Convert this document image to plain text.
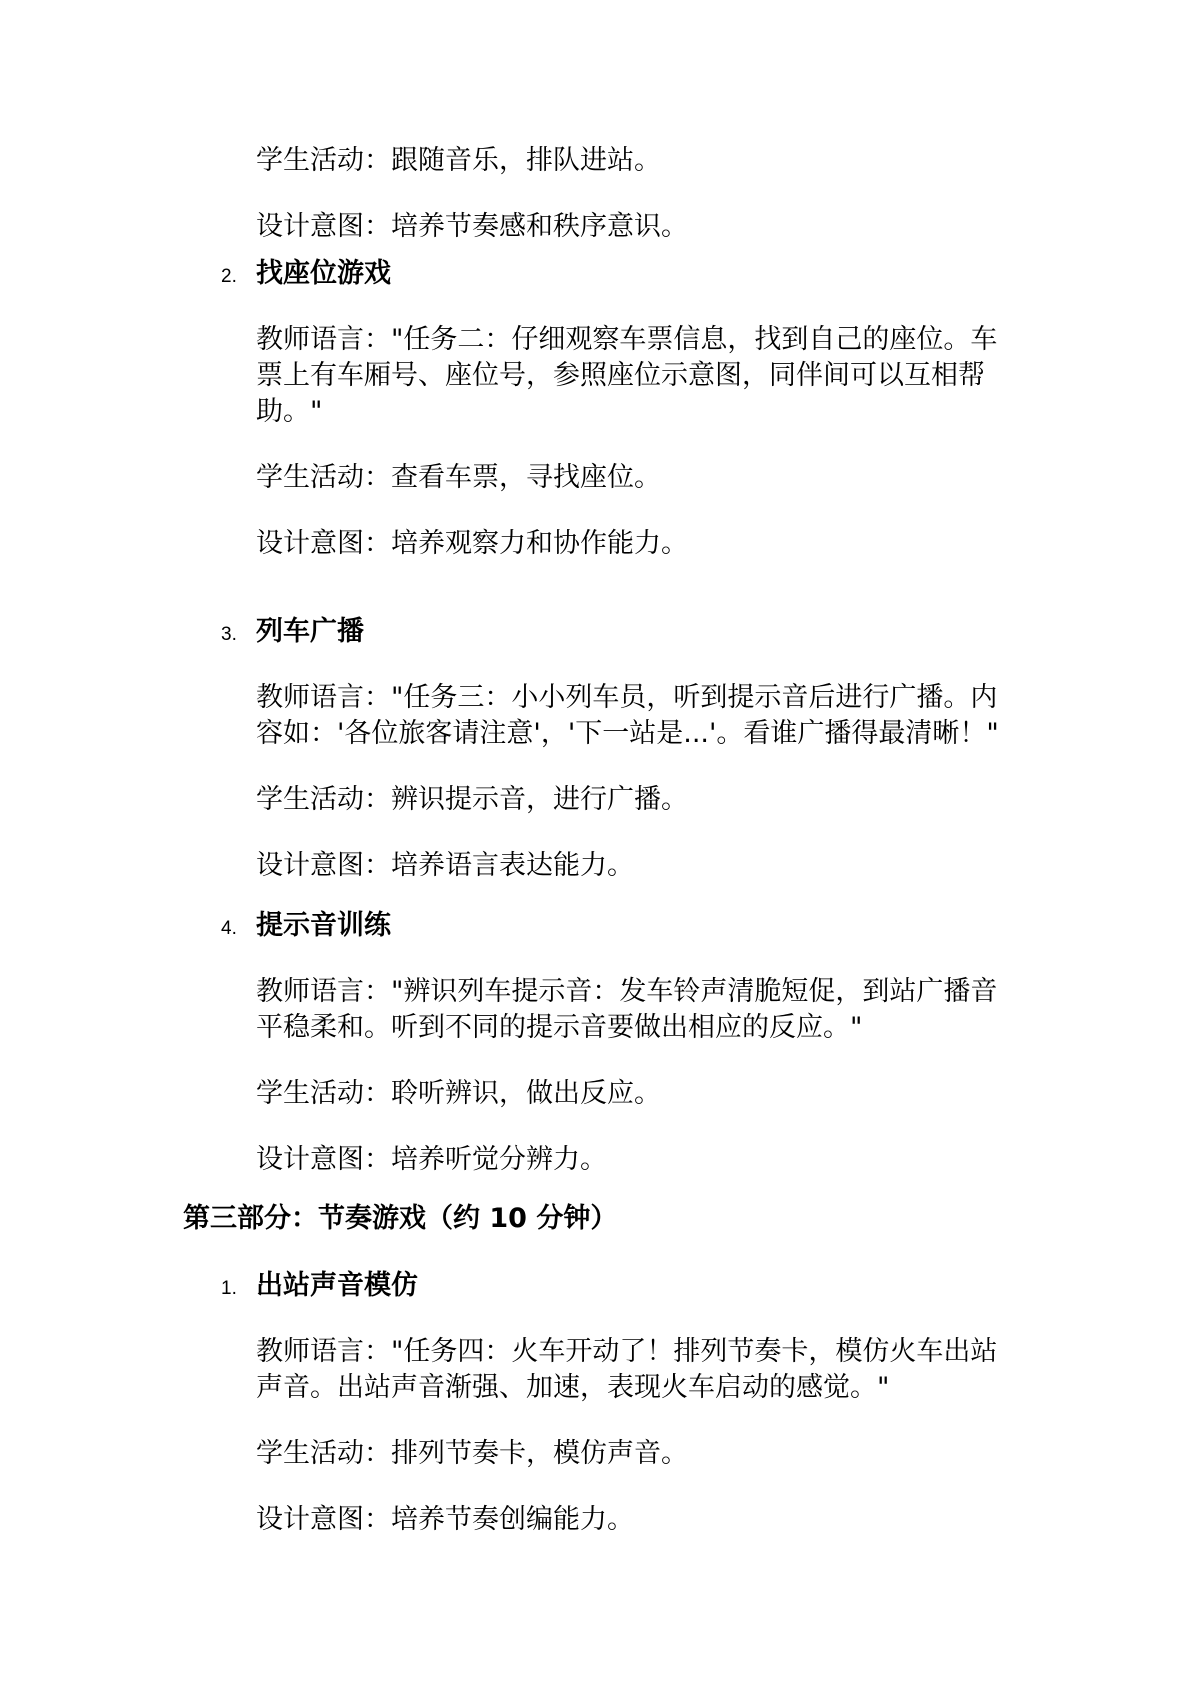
学生活动：跟随音乐，排队进站。

设计意图：培养节奏感和秩序意识。

2. 找座位游戏

教师语言："任务二：仔细观察车票信息，找到自己的座位。车

票上有车厢号、座位号，参照座位示意图，同伴间可以互相帮

助。"

学生活动：查看车票，寻找座位。

设计意图：培养观察力和协作能力。

3. 列车广播

教师语言："任务三：小小列车员，听到提示音后进行广播。内

容如：'各位旅客请注意'，'下一站是...'。看谁广播得最清晰！"

学生活动：辨识提示音，进行广播。

设计意图：培养语言表达能力。

4. 提示音训练

教师语言："辨识列车提示音：发车铃声清脆短促，到站广播音

平稳柔和。听到不同的提示音要做出相应的反应。"

学生活动：聆听辨识，做出反应。

设计意图：培养听觉分辨力。

第三部分：节奏游戏（约 10 分钟）

1. 出站声音模仿

教师语言："任务四：火车开动了！排列节奏卡，模仿火车出站

声音。出站声音渐强、加速，表现火车启动的感觉。"

学生活动：排列节奏卡，模仿声音。

设计意图：培养节奏创编能力。
